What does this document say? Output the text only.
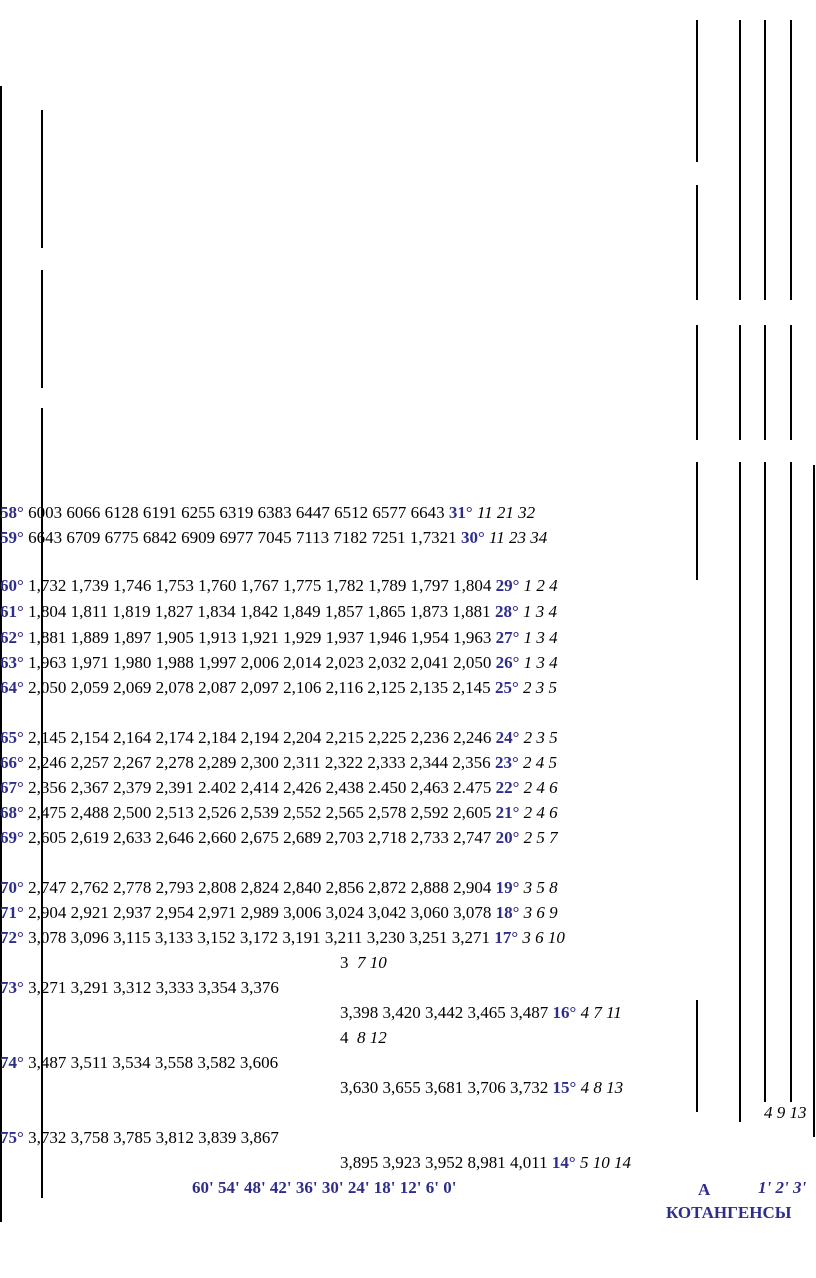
58° 6003 6066 6128 6191 6255 6319 6383 6447 6512 6577 6643 31° 11 21 32
59° 6643 6709 6775 6842 6909 6977 7045 7113 7182 7251 1,7321 30° 11 23 34
60° 1,732 1,739 1,746 1,753 1,760 1,767 1,775 1,782 1,789 1,797 1,804 29° 1 2 4
61° 1,804 1,811 1,819 1,827 1,834 1,842 1,849 1,857 1,865 1,873 1,881 28° 1 3 4
62° 1,881 1,889 1,897 1,905 1,913 1,921 1,929 1,937 1,946 1,954 1,963 27° 1 3 4
63° 1,963 1,971 1,980 1,988 1,997 2,006 2,014 2,023 2,032 2,041 2,050 26° 1 3 4
64° 2,050 2,059 2,069 2,078 2,087 2,097 2,106 2,116 2,125 2,135 2,145 25° 2 3 5
65° 2,145 2,154 2,164 2,174 2,184 2,194 2,204 2,215 2,225 2,236 2,246 24° 2 3 5
66° 2,246 2,257 2,267 2,278 2,289 2,300 2,311 2,322 2,333 2,344 2,356 23° 2 4 5
67° 2,356 2,367 2,379 2,391 2.402 2,414 2,426 2,438 2.450 2,463 2.475 22° 2 4 6
68° 2,475 2,488 2,500 2,513 2,526 2,539 2,552 2,565 2,578 2,592 2,605 21° 2 4 6
69° 2,605 2,619 2,633 2,646 2,660 2,675 2,689 2,703 2,718 2,733 2,747 20° 2 5 7
70° 2,747 2,762 2,778 2,793 2,808 2,824 2,840 2,856 2,872 2,888 2,904 19° 3 5 8
71° 2,904 2,921 2,937 2,954 2,971 2,989 3,006 3,024 3,042 3,060 3,078 18° 3 6 9
72° 3,078 3,096 3,115 3,133 3,152 3,172 3,191 3,211 3,230 3,251 3,271 17° 3 6 10
3 7 10
73° 3,271 3,291 3,312 3,333 3,354 3,376
3,398 3,420 3,442 3,465 3,487 16° 4 7 11
4 8 12
74° 3,487 3,511 3,534 3,558 3,582 3,606
3,630 3,655 3,681 3,706 3,732 15° 4 8 13
4 9 13
75° 3,732 3,758 3,785 3,812 3,839 3,867
3,895 3,923 3,952 8,981 4,011 14° 5 10 14
60' 54' 48' 42' 36' 30' 24' 18' 12' 6' 0'	A	1' 2' 3'
КОТАНГЕНСЫ
